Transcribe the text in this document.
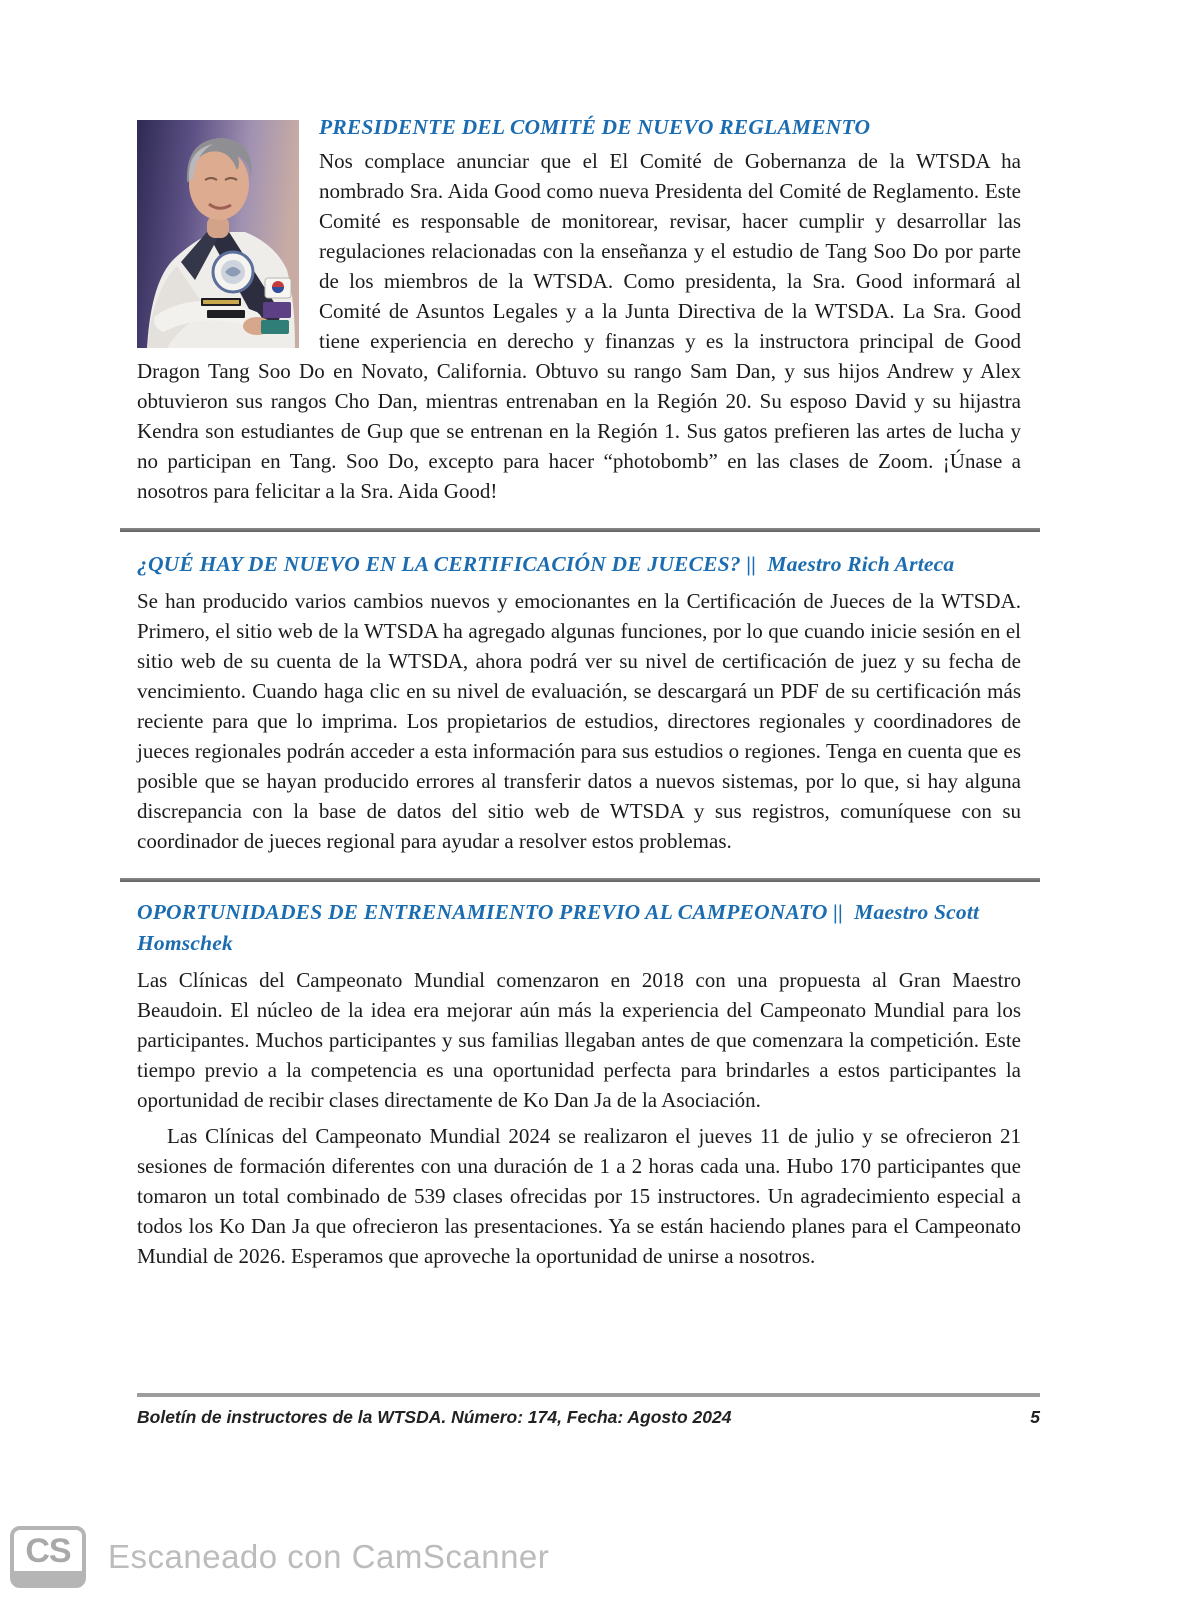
PRESIDENTE DEL COMITÉ DE NUEVO REGLAMENTO

Nos complace anunciar que el El Comité de Gobernanza de la WTSDA ha nombrado Sra. Aida Good como nueva Presidenta del Comité de Reglamento. Este Comité es responsable de monitorear, revisar, hacer cumplir y desarrollar las regulaciones relacionadas con la enseñanza y el estudio de Tang Soo Do por parte de los miembros de la WTSDA. Como presidenta, la Sra. Good informará al Comité de Asuntos Legales y a la Junta Directiva de la WTSDA. La Sra. Good tiene experiencia en derecho y finanzas y es la instructora principal de Good Dragon Tang Soo Do en Novato, California. Obtuvo su rango Sam Dan, y sus hijos Andrew y Alex obtuvieron sus rangos Cho Dan, mientras entrenaban en la Región 20. Su esposo David y su hijastra Kendra son estudiantes de Gup que se entrenan en la Región 1. Sus gatos prefieren las artes de lucha y no participan en Tang. Soo Do, excepto para hacer “photobomb” en las clases de Zoom. ¡Únase a nosotros para felicitar a la Sra. Aida Good!

¿QUÉ HAY DE NUEVO EN LA CERTIFICACIÓN DE JUECES? || Maestro Rich Arteca

Se han producido varios cambios nuevos y emocionantes en la Certificación de Jueces de la WTSDA. Primero, el sitio web de la WTSDA ha agregado algunas funciones, por lo que cuando inicie sesión en el sitio web de su cuenta de la WTSDA, ahora podrá ver su nivel de certificación de juez y su fecha de vencimiento. Cuando haga clic en su nivel de evaluación, se descargará un PDF de su certificación más reciente para que lo imprima. Los propietarios de estudios, directores regionales y coordinadores de jueces regionales podrán acceder a esta información para sus estudios o regiones. Tenga en cuenta que es posible que se hayan producido errores al transferir datos a nuevos sistemas, por lo que, si hay alguna discrepancia con la base de datos del sitio web de WTSDA y sus registros, comuníquese con su coordinador de jueces regional para ayudar a resolver estos problemas.

OPORTUNIDADES DE ENTRENAMIENTO PREVIO AL CAMPEONATO || Maestro Scott Homschek

Las Clínicas del Campeonato Mundial comenzaron en 2018 con una propuesta al Gran Maestro Beaudoin. El núcleo de la idea era mejorar aún más la experiencia del Campeonato Mundial para los participantes. Muchos participantes y sus familias llegaban antes de que comenzara la competición. Este tiempo previo a la competencia es una oportunidad perfecta para brindarles a estos participantes la oportunidad de recibir clases directamente de Ko Dan Ja de la Asociación.

Las Clínicas del Campeonato Mundial 2024 se realizaron el jueves 11 de julio y se ofrecieron 21 sesiones de formación diferentes con una duración de 1 a 2 horas cada una. Hubo 170 participantes que tomaron un total combinado de 539 clases ofrecidas por 15 instructores. Un agradecimiento especial a todos los Ko Dan Ja que ofrecieron las presentaciones. Ya se están haciendo planes para el Campeonato Mundial de 2026. Esperamos que aproveche la oportunidad de unirse a nosotros.

Boletín de instructores de la WTSDA. Número: 174, Fecha: Agosto 2024	5
CS Escaneado con CamScanner
